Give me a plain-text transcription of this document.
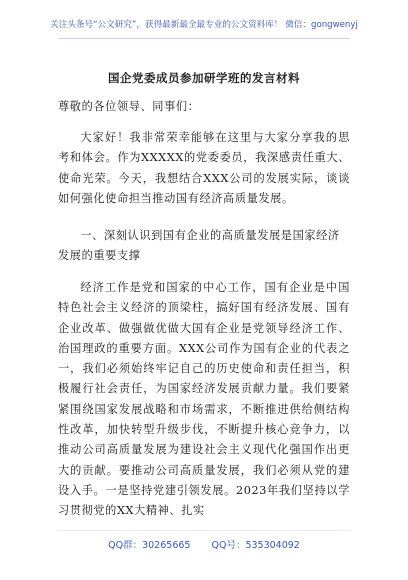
关注头条号“公文研究”，获得最新最全最专业的公文资料库！ 微信：gongwenyj
国企党委成员参加研学班的发言材料
尊敬的各位领导、同事们：

大家好！我非常荣幸能够在这里与大家分享我的思考和体会。作为XXXXX的党委委员，我深感责任重大、使命光荣。今天，我想结合XXX公司的发展实际，谈谈如何强化使命担当推动国有经济高质量发展。

一、深刻认识到国有企业的高质量发展是国家经济发展的重要支撑

经济工作是党和国家的中心工作，国有企业是中国特色社会主义经济的顶梁柱，搞好国有经济发展、国有企业改革、做强做优做大国有企业是党领导经济工作、治国理政的重要方面。XXX公司作为国有企业的代表之一，我们必须始终牢记自己的历史使命和责任担当，积极履行社会责任，为国家经济发展贡献力量。我们要紧紧围绕国家发展战略和市场需求，不断推进供给侧结构性改革，加快转型升级步伐，不断提升核心竞争力，以推动公司高质量发展为建设社会主义现代化强国作出更大的贡献。要推动公司高质量发展，我们必须从党的建设入手。一是坚持党建引领发展。2023年我们坚持以学习贯彻党的XX大精神、扎实

QQ群：30265665 QQ号：535304092
